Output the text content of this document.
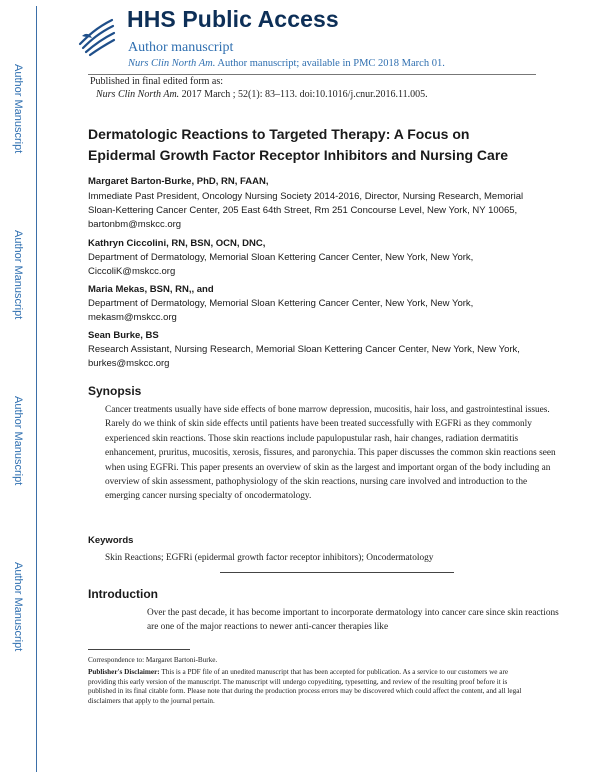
HHS Public Access
Author manuscript
Nurs Clin North Am. Author manuscript; available in PMC 2018 March 01.
Published in final edited form as:
Nurs Clin North Am. 2017 March ; 52(1): 83–113. doi:10.1016/j.cnur.2016.11.005.
Author Manuscript
Author Manuscript
Author Manuscript
Author Manuscript
Dermatologic Reactions to Targeted Therapy: A Focus on
Epidermal Growth Factor Receptor Inhibitors and Nursing Care
Margaret Barton-Burke, PhD, RN, FAAN,
Immediate Past President, Oncology Nursing Society 2014-2016, Director, Nursing Research, Memorial Sloan-Kettering Cancer Center, 205 East 64th Street, Rm 251 Concourse Level, New York, NY 10065, bartonbm@mskcc.org
Kathryn Ciccolini, RN, BSN, OCN, DNC,
Department of Dermatology, Memorial Sloan Kettering Cancer Center, New York, New York, CiccoliK@mskcc.org
Maria Mekas, BSN, RN,, and
Department of Dermatology, Memorial Sloan Kettering Cancer Center, New York, New York, mekasm@mskcc.org
Sean Burke, BS
Research Assistant, Nursing Research, Memorial Sloan Kettering Cancer Center, New York, New York, burkes@mskcc.org
Synopsis
Cancer treatments usually have side effects of bone marrow depression, mucositis, hair loss, and gastrointestinal issues. Rarely do we think of skin side effects until patients have been treated successfully with EGFRi as they commonly experienced skin reactions. Those skin reactions include papulopustular rash, hair changes, radiation dermatitis enhancement, pruritus, mucositis, xerosis, fissures, and paronychia. This paper discusses the common skin reactions seen when using EGFRi. This paper presents an overview of skin as the largest and important organ of the body including an overview of skin assessment, pathophysiology of the skin reactions, nursing care involved and introduction to the emerging cancer nursing specialty of oncodermatology.
Keywords
Skin Reactions; EGFRi (epidermal growth factor receptor inhibitors); Oncodermatology
Introduction
Over the past decade, it has become important to incorporate dermatology into cancer care since skin reactions are one of the major reactions to newer anti-cancer therapies like
Correspondence to: Margaret Bartoni-Burke.
Publisher's Disclaimer: This is a PDF file of an unedited manuscript that has been accepted for publication. As a service to our customers we are providing this early version of the manuscript. The manuscript will undergo copyediting, typesetting, and review of the resulting proof before it is published in its final citable form. Please note that during the production process errors may be discovered which could affect the content, and all legal disclaimers that apply to the journal pertain.
